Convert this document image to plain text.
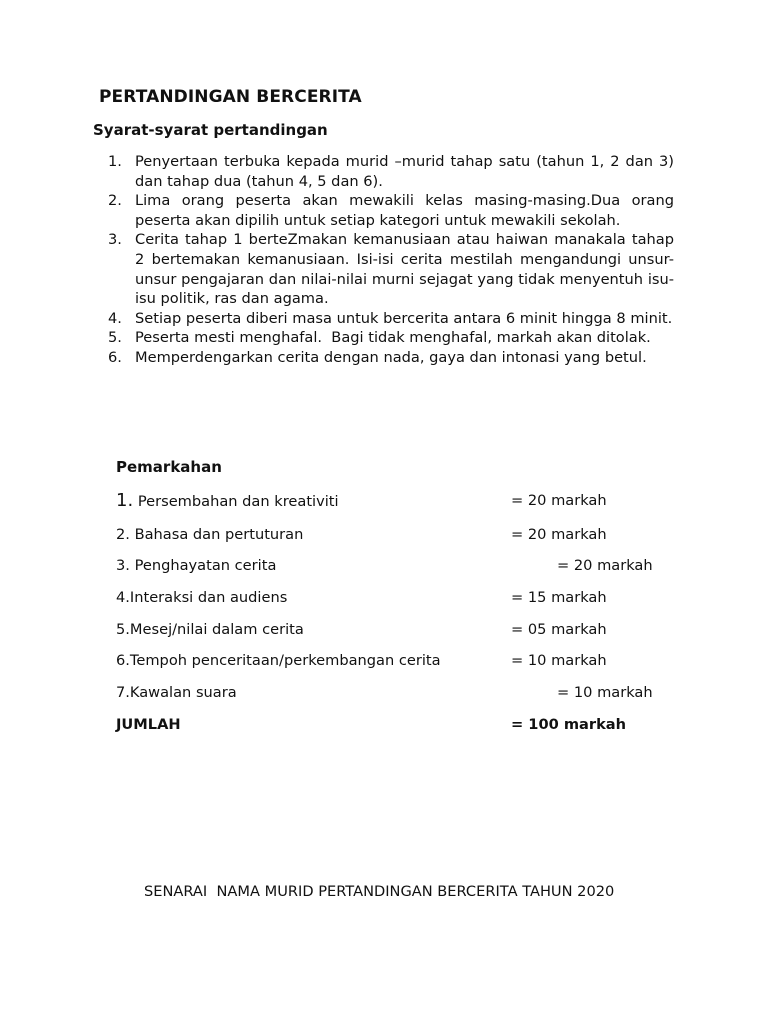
PERTANDINGAN BERCERITA
Syarat-syarat pertandingan
1. Penyertaan terbuka kepada murid –murid tahap satu (tahun 1, 2 dan 3) dan tahap dua (tahun 4, 5 dan 6).
2. Lima orang peserta akan mewakili kelas masing-masing.Dua orang peserta akan dipilih untuk setiap kategori untuk mewakili sekolah.
3. Cerita tahap 1 berteZmakan kemanusiaan atau haiwan manakala tahap 2 bertemakan kemanusiaan. Isi-isi cerita mestilah mengandungi unsur-unsur pengajaran dan nilai-nilai murni sejagat yang tidak menyentuh isu-isu politik, ras dan agama.
4. Setiap peserta diberi masa untuk bercerita antara 6 minit hingga 8 minit.
5. Peserta mesti menghafal.  Bagi tidak menghafal, markah akan ditolak.
6. Memperdengarkan cerita dengan nada, gaya dan intonasi yang betul.
Pemarkahan
1. Persembahan dan kreativiti	= 20 markah
2. Bahasa dan pertuturan	= 20 markah
3. Penghayatan cerita	= 20 markah
4.Interaksi dan audiens	= 15 markah
5.Mesej/nilai dalam cerita	= 05 markah
6.Tempoh penceritaan/perkembangan cerita	= 10 markah
7.Kawalan suara	= 10 markah
JUMLAH	= 100 markah
SENARAI  NAMA MURID PERTANDINGAN BERCERITA TAHUN 2020
